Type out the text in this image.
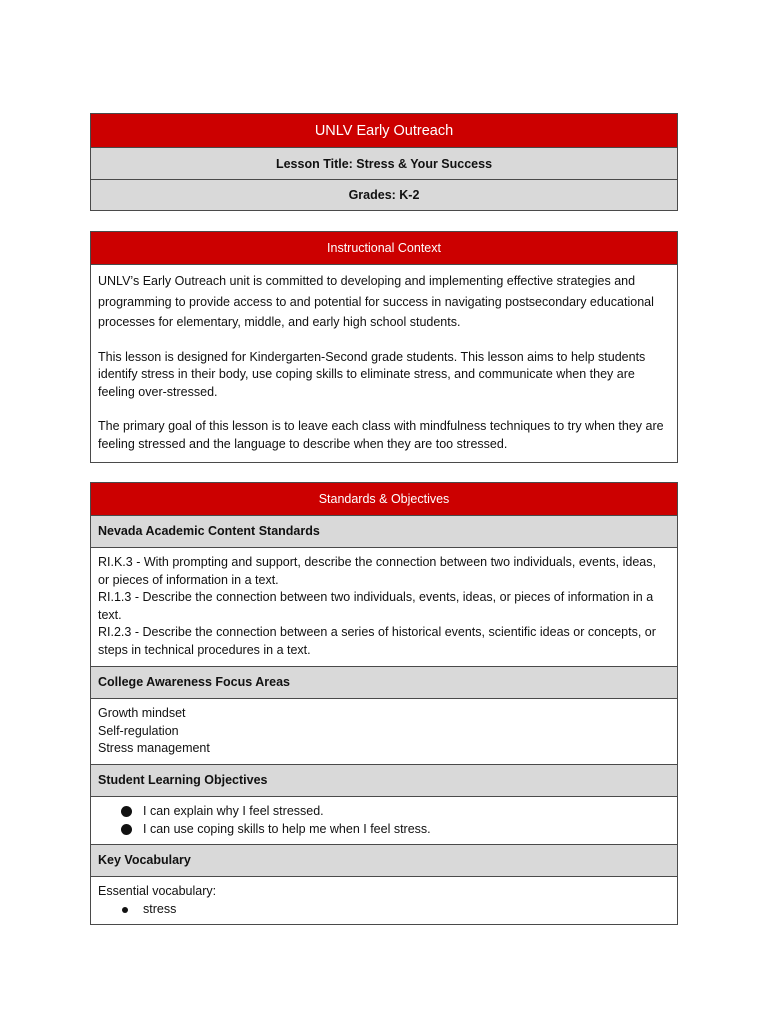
UNLV Early Outreach
Lesson Title: Stress & Your Success
Grades: K-2
Instructional Context

UNLV’s Early Outreach unit is committed to developing and implementing effective strategies and programming to provide access to and potential for success in navigating postsecondary educational processes for elementary, middle, and early high school students.

This lesson is designed for Kindergarten-Second grade students. This lesson aims to help students identify stress in their body, use coping skills to eliminate stress, and communicate when they are feeling over-stressed.

The primary goal of this lesson is to leave each class with mindfulness techniques to try when they are feeling stressed and the language to describe when they are too stressed.

Standards & Objectives
Nevada Academic Content Standards
RI.K.3 - With prompting and support, describe the connection between two individuals, events, ideas, or pieces of information in a text.
RI.1.3 - Describe the connection between two individuals, events, ideas, or pieces of information in a text.
RI.2.3 - Describe the connection between a series of historical events, scientific ideas or concepts, or steps in technical procedures in a text.
College Awareness Focus Areas
Growth mindset
Self-regulation
Stress management
Student Learning Objectives
I can explain why I feel stressed.
I can use coping skills to help me when I feel stress.
Key Vocabulary
Essential vocabulary:
stress
